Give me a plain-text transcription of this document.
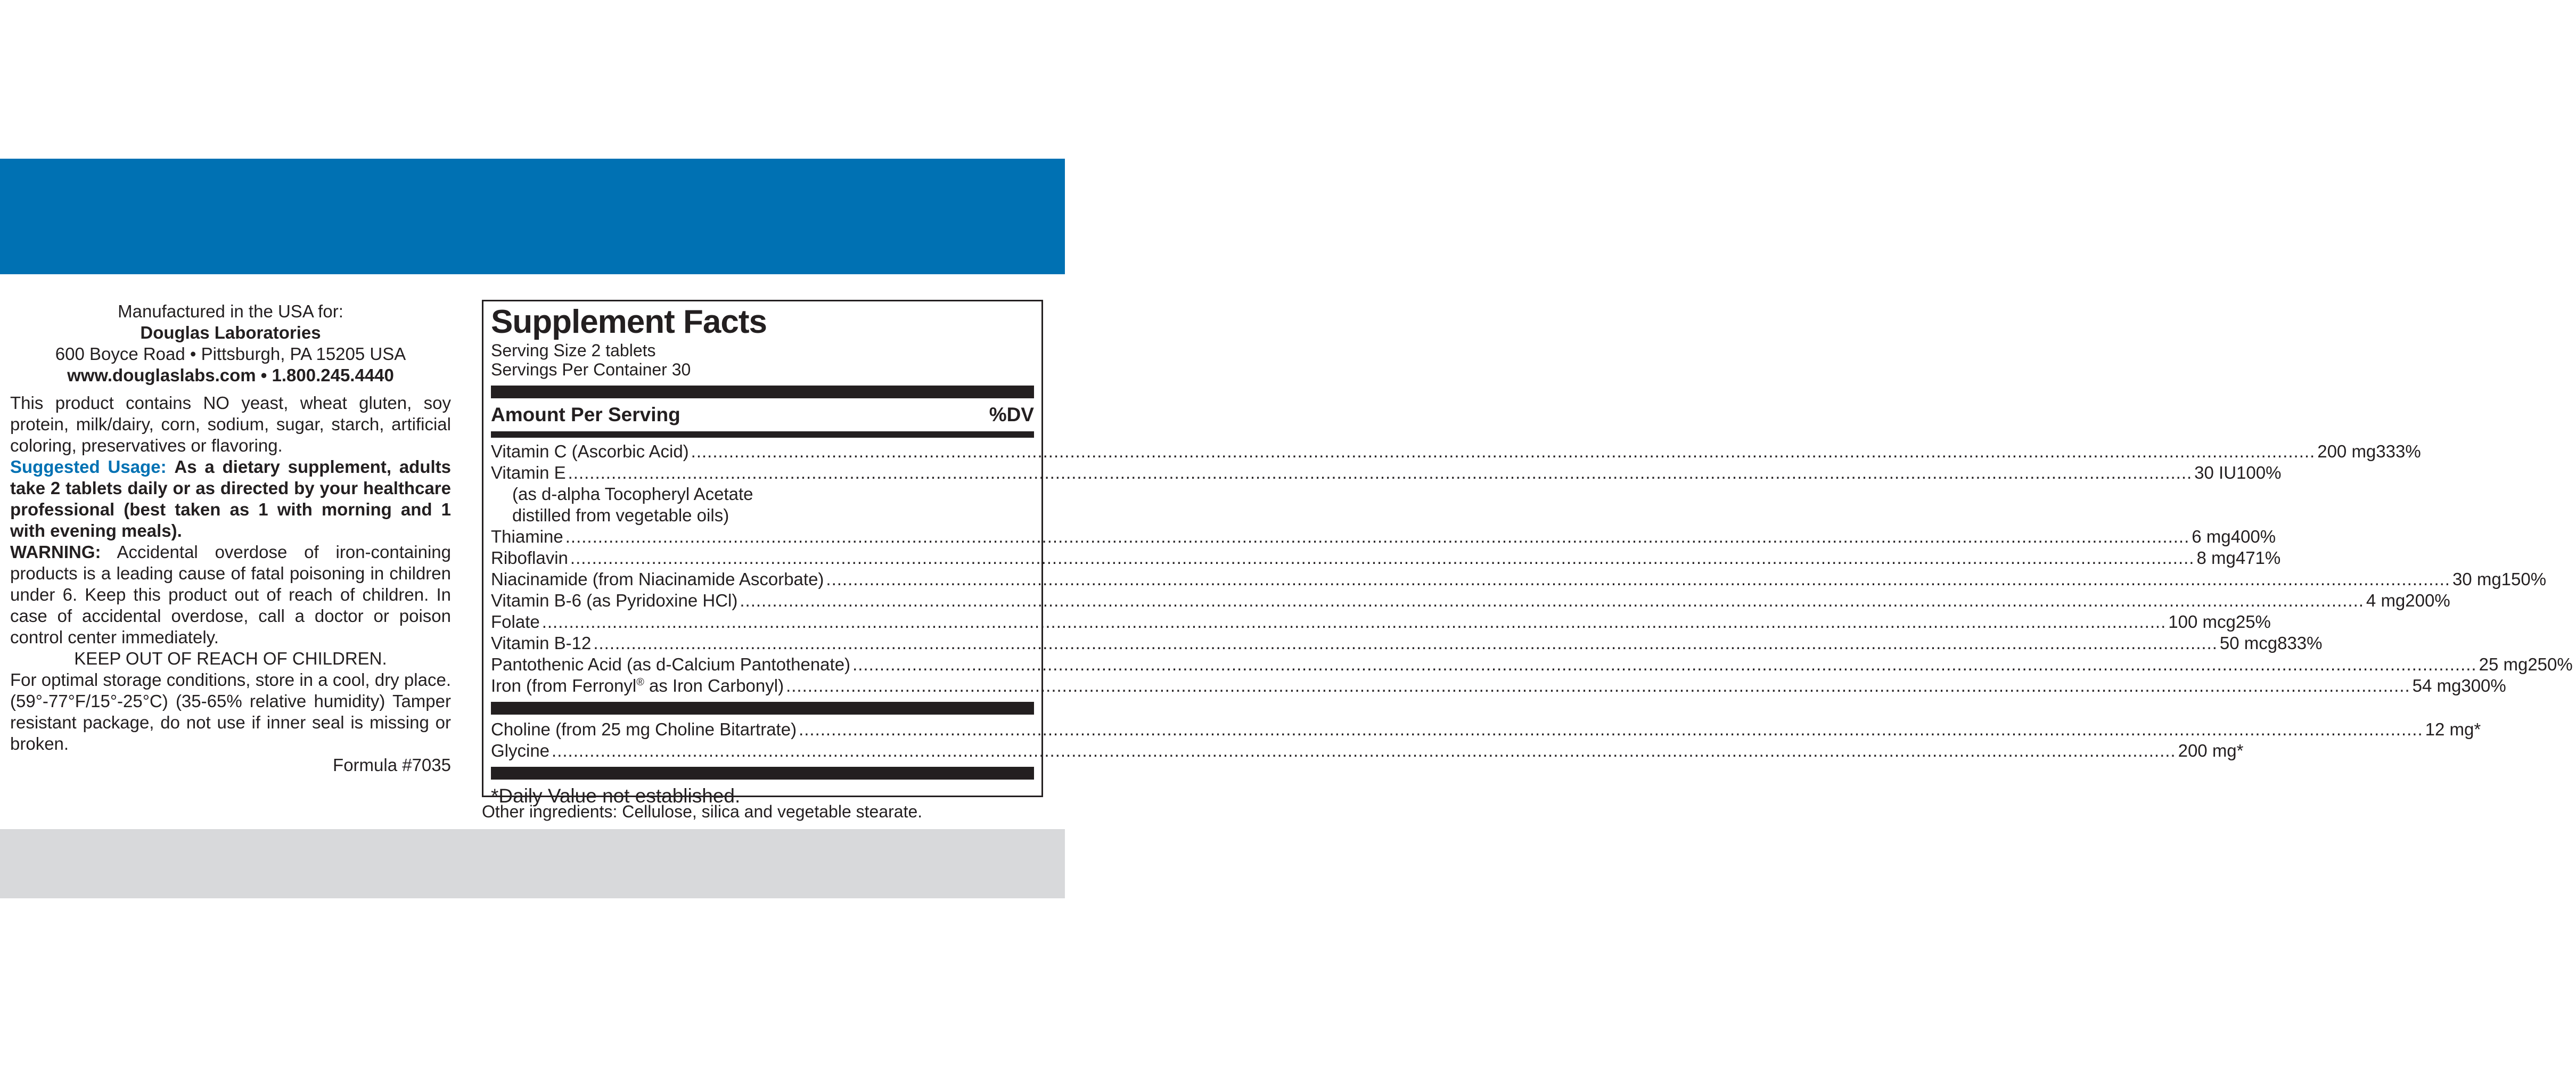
Manufactured in the USA for:

Douglas Laboratories

600 Boyce Road • Pittsburgh, PA 15205 USA

www.douglaslabs.com • 1.800.245.4440

This product contains NO yeast, wheat gluten, soy protein, milk/dairy, corn, sodium, sugar, starch, artificial coloring, preservatives or flavoring.

Suggested Usage: As a dietary supplement, adults take 2 tablets daily or as directed by your healthcare professional (best taken as 1 with morning and 1 with evening meals).

WARNING: Accidental overdose of iron-containing products is a leading cause of fatal poisoning in children under 6. Keep this product out of reach of children. In case of accidental overdose, call a doctor or poison control center immediately.

KEEP OUT OF REACH OF CHILDREN.

For optimal storage conditions, store in a cool, dry place. (59°-77°F/15°-25°C) (35-65% relative humidity) Tamper resistant package, do not use if inner seal is missing or broken.

Formula #7035

Supplement Facts
Serving Size 2 tablets
Servings Per Container 30
Amount Per Serving	%DV
Vitamin C (Ascorbic Acid) ............................................................................................................................................................................................................................................................................................................ 200 mg 333%
Vitamin E ............................................................................................................................................................................................................................................................................................................ 30 IU 100%
(as d-alpha Tocopheryl Acetate
distilled from vegetable oils)
Thiamine ............................................................................................................................................................................................................................................................................................................ 6 mg 400%
Riboflavin ............................................................................................................................................................................................................................................................................................................ 8 mg 471%
Niacinamide (from Niacinamide Ascorbate) ............................................................................................................................................................................................................................................................................................................ 30 mg 150%
Vitamin B-6 (as Pyridoxine HCl) ............................................................................................................................................................................................................................................................................................................ 4 mg 200%
Folate ............................................................................................................................................................................................................................................................................................................ 100 mcg 25%
Vitamin B-12 ............................................................................................................................................................................................................................................................................................................ 50 mcg 833%
Pantothenic Acid (as d-Calcium Pantothenate) ............................................................................................................................................................................................................................................................................................................ 25 mg 250%
Iron (from Ferronyl® as Iron Carbonyl) ............................................................................................................................................................................................................................................................................................................ 54 mg 300%
Choline (from 25 mg Choline Bitartrate) ............................................................................................................................................................................................................................................................................................................ 12 mg *
Glycine ............................................................................................................................................................................................................................................................................................................ 200 mg *
*Daily Value not established.
Other ingredients: Cellulose, silica and vegetable stearate.
